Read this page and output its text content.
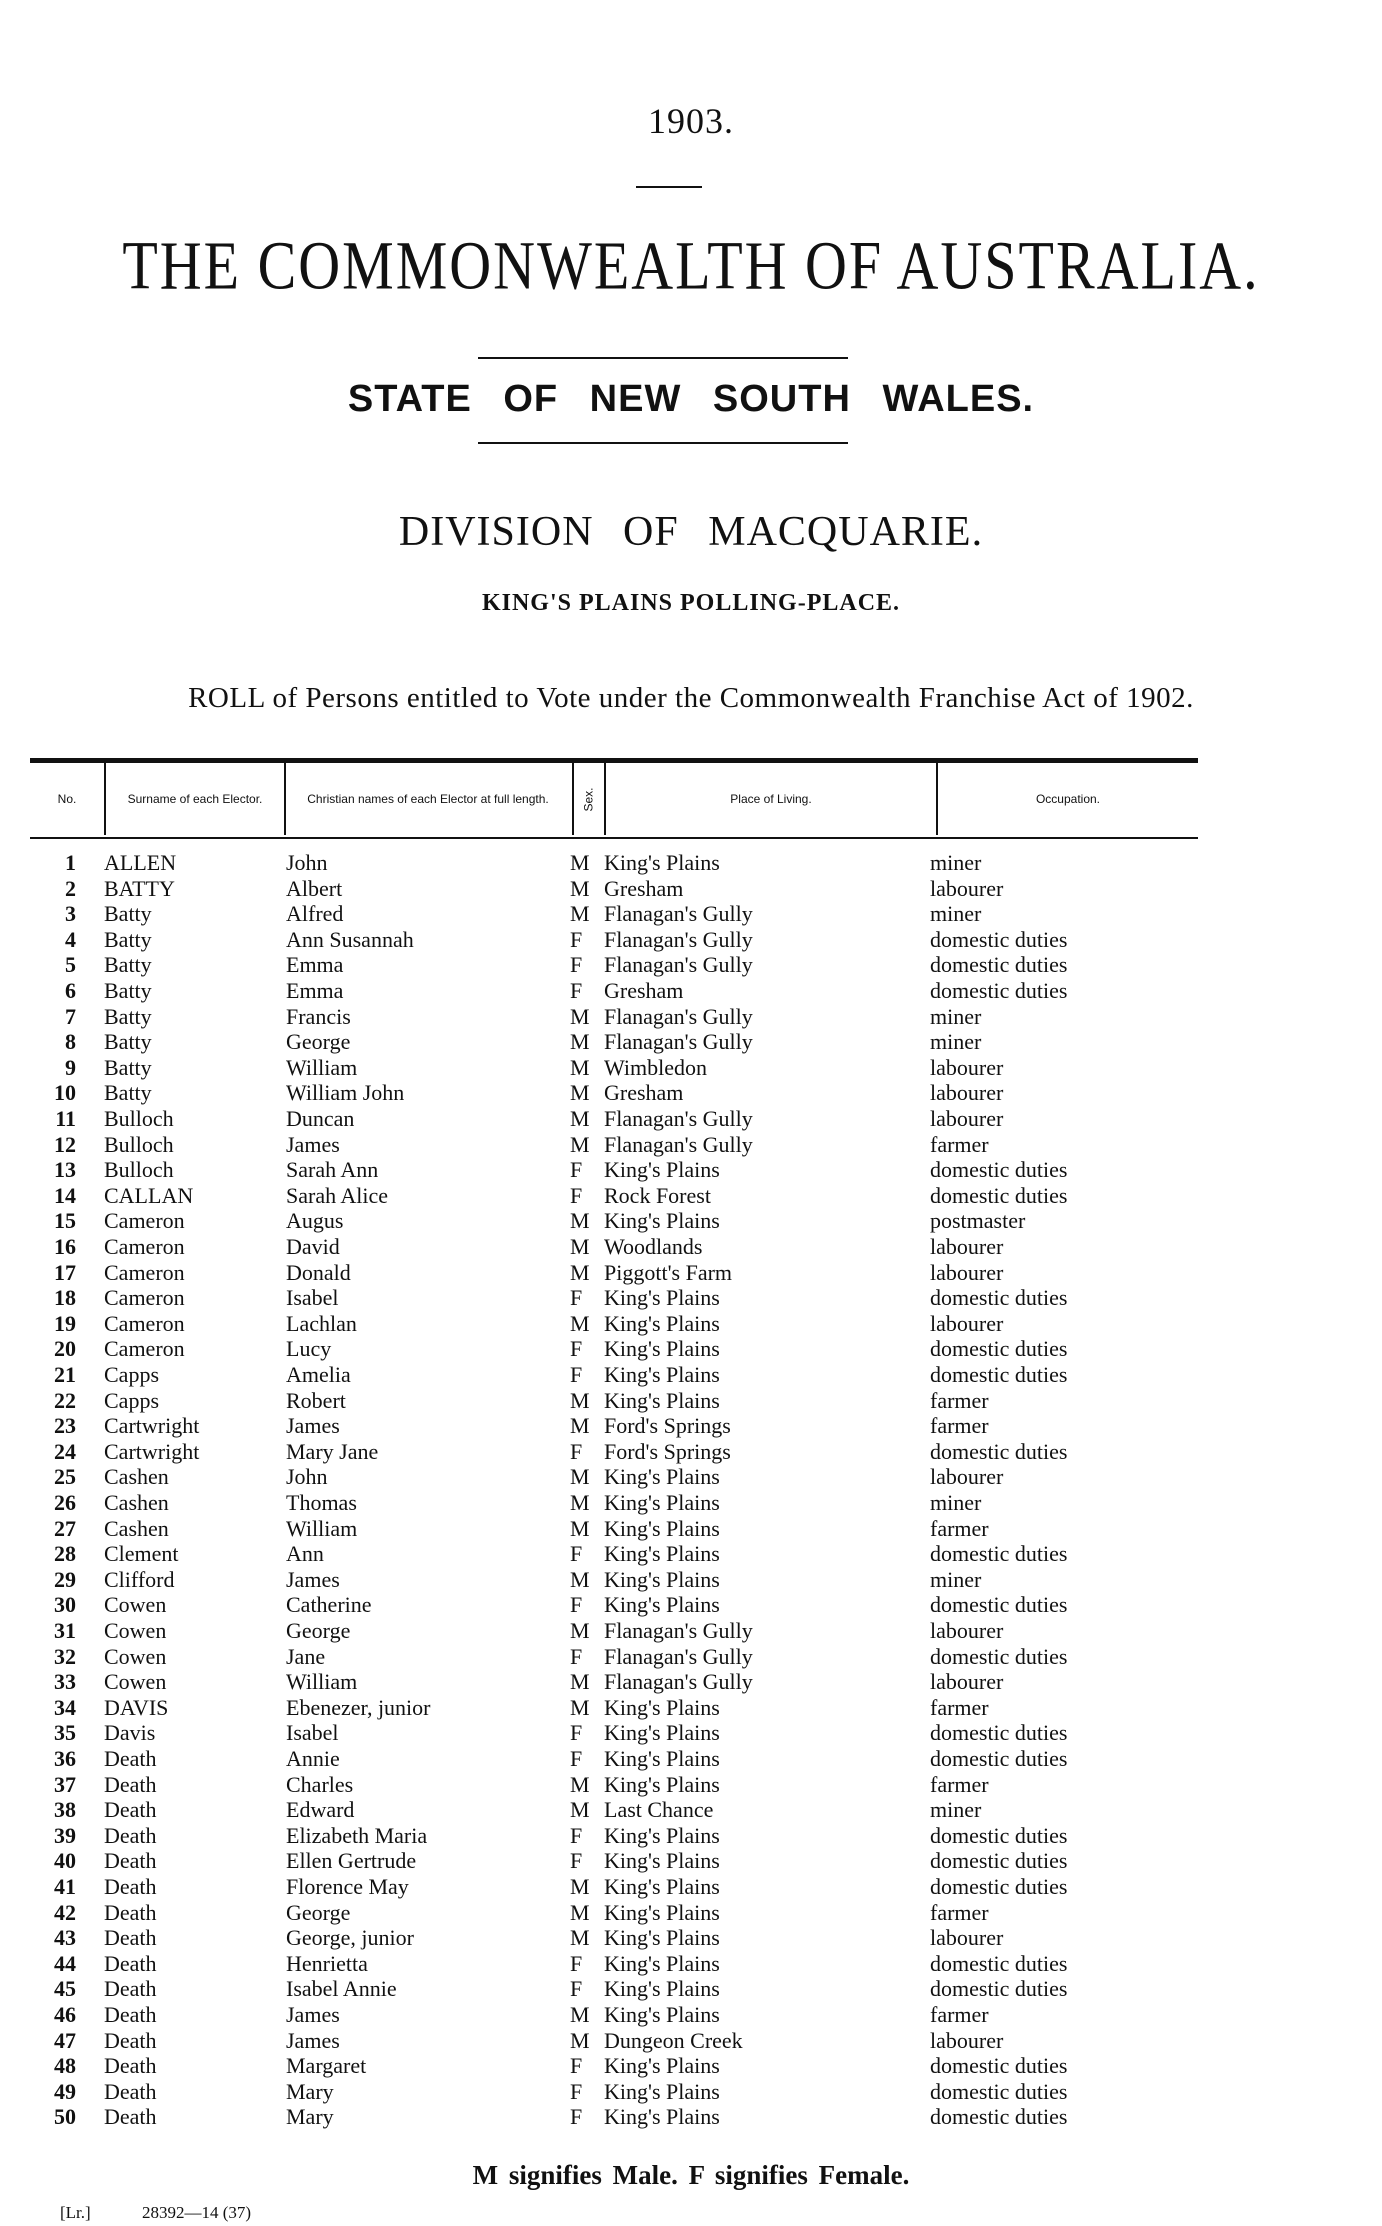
1903.
THE COMMONWEALTH OF AUSTRALIA.
STATE OF NEW SOUTH WALES.
DIVISION OF MACQUARIE.
KING'S PLAINS POLLING-PLACE.
ROLL of Persons entitled to Vote under the Commonwealth Franchise Act of 1902.
No.	Surname of each Elector.	Christian names of each Elector at full length.	Sex.	Place of Living.	Occupation.
1 ALLEN	John	M King's Plains	miner
2 BATTY	Albert	M Gresham	labourer
3 Batty	Alfred	M Flanagan's Gully	miner
4 Batty	Ann Susannah	F Flanagan's Gully	domestic duties
5 Batty	Emma	F Flanagan's Gully	domestic duties
6 Batty	Emma	F Gresham	domestic duties
7 Batty	Francis	M Flanagan's Gully	miner
8 Batty	George	M Flanagan's Gully	miner
9 Batty	William	M Wimbledon	labourer
10 Batty	William John	M Gresham	labourer
11 Bulloch	Duncan	M Flanagan's Gully	labourer
12 Bulloch	James	M Flanagan's Gully	farmer
13 Bulloch	Sarah Ann	F King's Plains	domestic duties
14 CALLAN	Sarah Alice	F Rock Forest	domestic duties
15 Cameron	Augus	M King's Plains	postmaster
16 Cameron	David	M Woodlands	labourer
17 Cameron	Donald	M Piggott's Farm	labourer
18 Cameron	Isabel	F King's Plains	domestic duties
19 Cameron	Lachlan	M King's Plains	labourer
20 Cameron	Lucy	F King's Plains	domestic duties
21 Capps	Amelia	F King's Plains	domestic duties
22 Capps	Robert	M King's Plains	farmer
23 Cartwright	James	M Ford's Springs	farmer
24 Cartwright	Mary Jane	F Ford's Springs	domestic duties
25 Cashen	John	M King's Plains	labourer
26 Cashen	Thomas	M King's Plains	miner
27 Cashen	William	M King's Plains	farmer
28 Clement	Ann	F King's Plains	domestic duties
29 Clifford	James	M King's Plains	miner
30 Cowen	Catherine	F King's Plains	domestic duties
31 Cowen	George	M Flanagan's Gully	labourer
32 Cowen	Jane	F Flanagan's Gully	domestic duties
33 Cowen	William	M Flanagan's Gully	labourer
34 DAVIS	Ebenezer, junior	M King's Plains	farmer
35 Davis	Isabel	F King's Plains	domestic duties
36 Death	Annie	F King's Plains	domestic duties
37 Death	Charles	M King's Plains	farmer
38 Death	Edward	M Last Chance	miner
39 Death	Elizabeth Maria	F King's Plains	domestic duties
40 Death	Ellen Gertrude	F King's Plains	domestic duties
41 Death	Florence May	M King's Plains	domestic duties
42 Death	George	M King's Plains	farmer
43 Death	George, junior	M King's Plains	labourer
44 Death	Henrietta	F King's Plains	domestic duties
45 Death	Isabel Annie	F King's Plains	domestic duties
46 Death	James	M King's Plains	farmer
47 Death	James	M Dungeon Creek	labourer
48 Death	Margaret	F King's Plains	domestic duties
49 Death	Mary	F King's Plains	domestic duties
50 Death	Mary	F King's Plains	domestic duties
M signifies Male. F signifies Female.
[Lr.]	28392—14 (37)
